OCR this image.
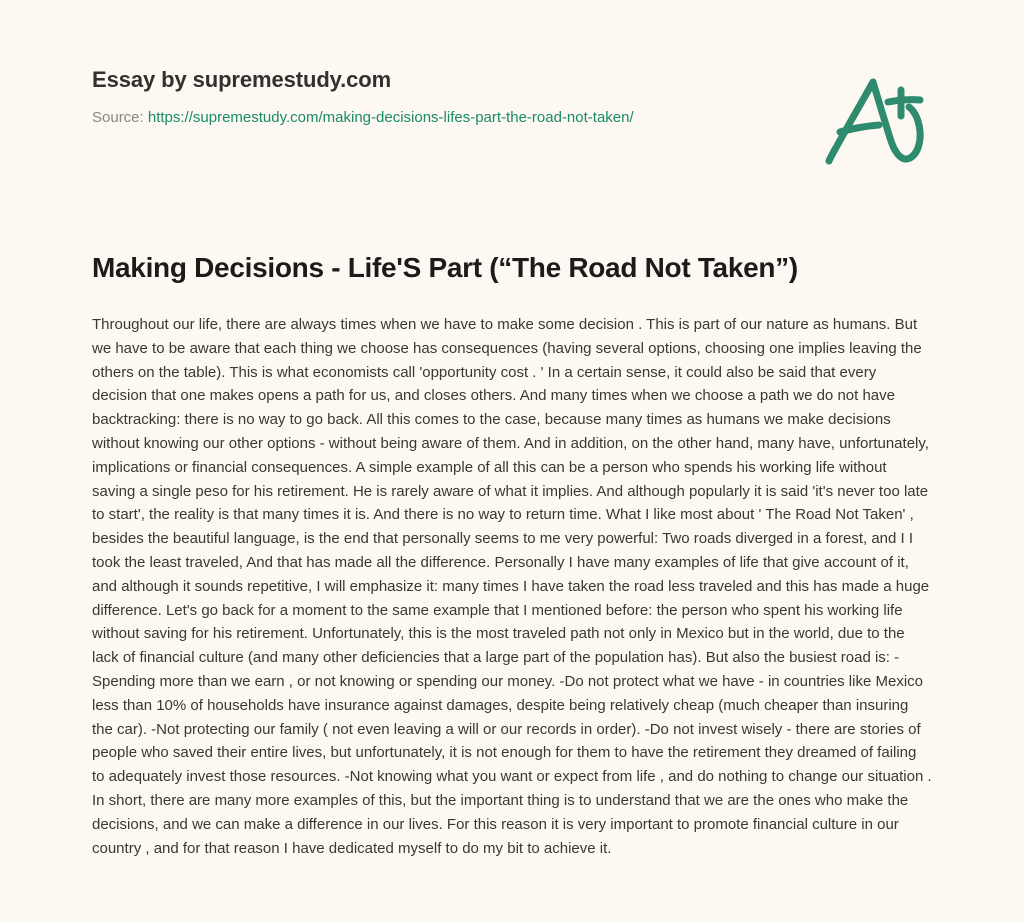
Essay by supremestudy.com

Source: https://supremestudy.com/making-decisions-lifes-part-the-road-not-taken/

Making Decisions - Life'S Part (“The Road Not Taken”)

Throughout our life, there are always times when we have to make some decision . This is part of our nature as humans. But we have to be aware that each thing we choose has consequences (having several options, choosing one implies leaving the others on the table). This is what economists call 'opportunity cost . ' In a certain sense, it could also be said that every decision that one makes opens a path for us, and closes others. And many times when we choose a path we do not have backtracking: there is no way to go back. All this comes to the case, because many times as humans we make decisions without knowing our other options - without being aware of them. And in addition, on the other hand, many have, unfortunately, implications or financial consequences. A simple example of all this can be a person who spends his working life without saving a single peso for his retirement. He is rarely aware of what it implies. And although popularly it is said 'it's never too late to start', the reality is that many times it is. And there is no way to return time. What I like most about ' The Road Not Taken' , besides the beautiful language, is the end that personally seems to me very powerful: Two roads diverged in a forest, and I I took the least traveled, And that has made all the difference. Personally I have many examples of life that give account of it, and although it sounds repetitive, I will emphasize it: many times I have taken the road less traveled and this has made a huge difference. Let's go back for a moment to the same example that I mentioned before: the person who spent his working life without saving for his retirement. Unfortunately, this is the most traveled path not only in Mexico but in the world, due to the lack of financial culture (and many other deficiencies that a large part of the population has). But also the busiest road is: -Spending more than we earn , or not knowing or spending our money. -Do not protect what we have - in countries like Mexico less than 10% of households have insurance against damages, despite being relatively cheap (much cheaper than insuring the car). -Not protecting our family ( not even leaving a will or our records in order). -Do not invest wisely - there are stories of people who saved their entire lives, but unfortunately, it is not enough for them to have the retirement they dreamed of failing to adequately invest those resources. -Not knowing what you want or expect from life , and do nothing to change our situation . In short, there are many more examples of this, but the important thing is to understand that we are the ones who make the decisions, and we can make a difference in our lives. For this reason it is very important to promote financial culture in our country , and for that reason I have dedicated myself to do my bit to achieve it.
